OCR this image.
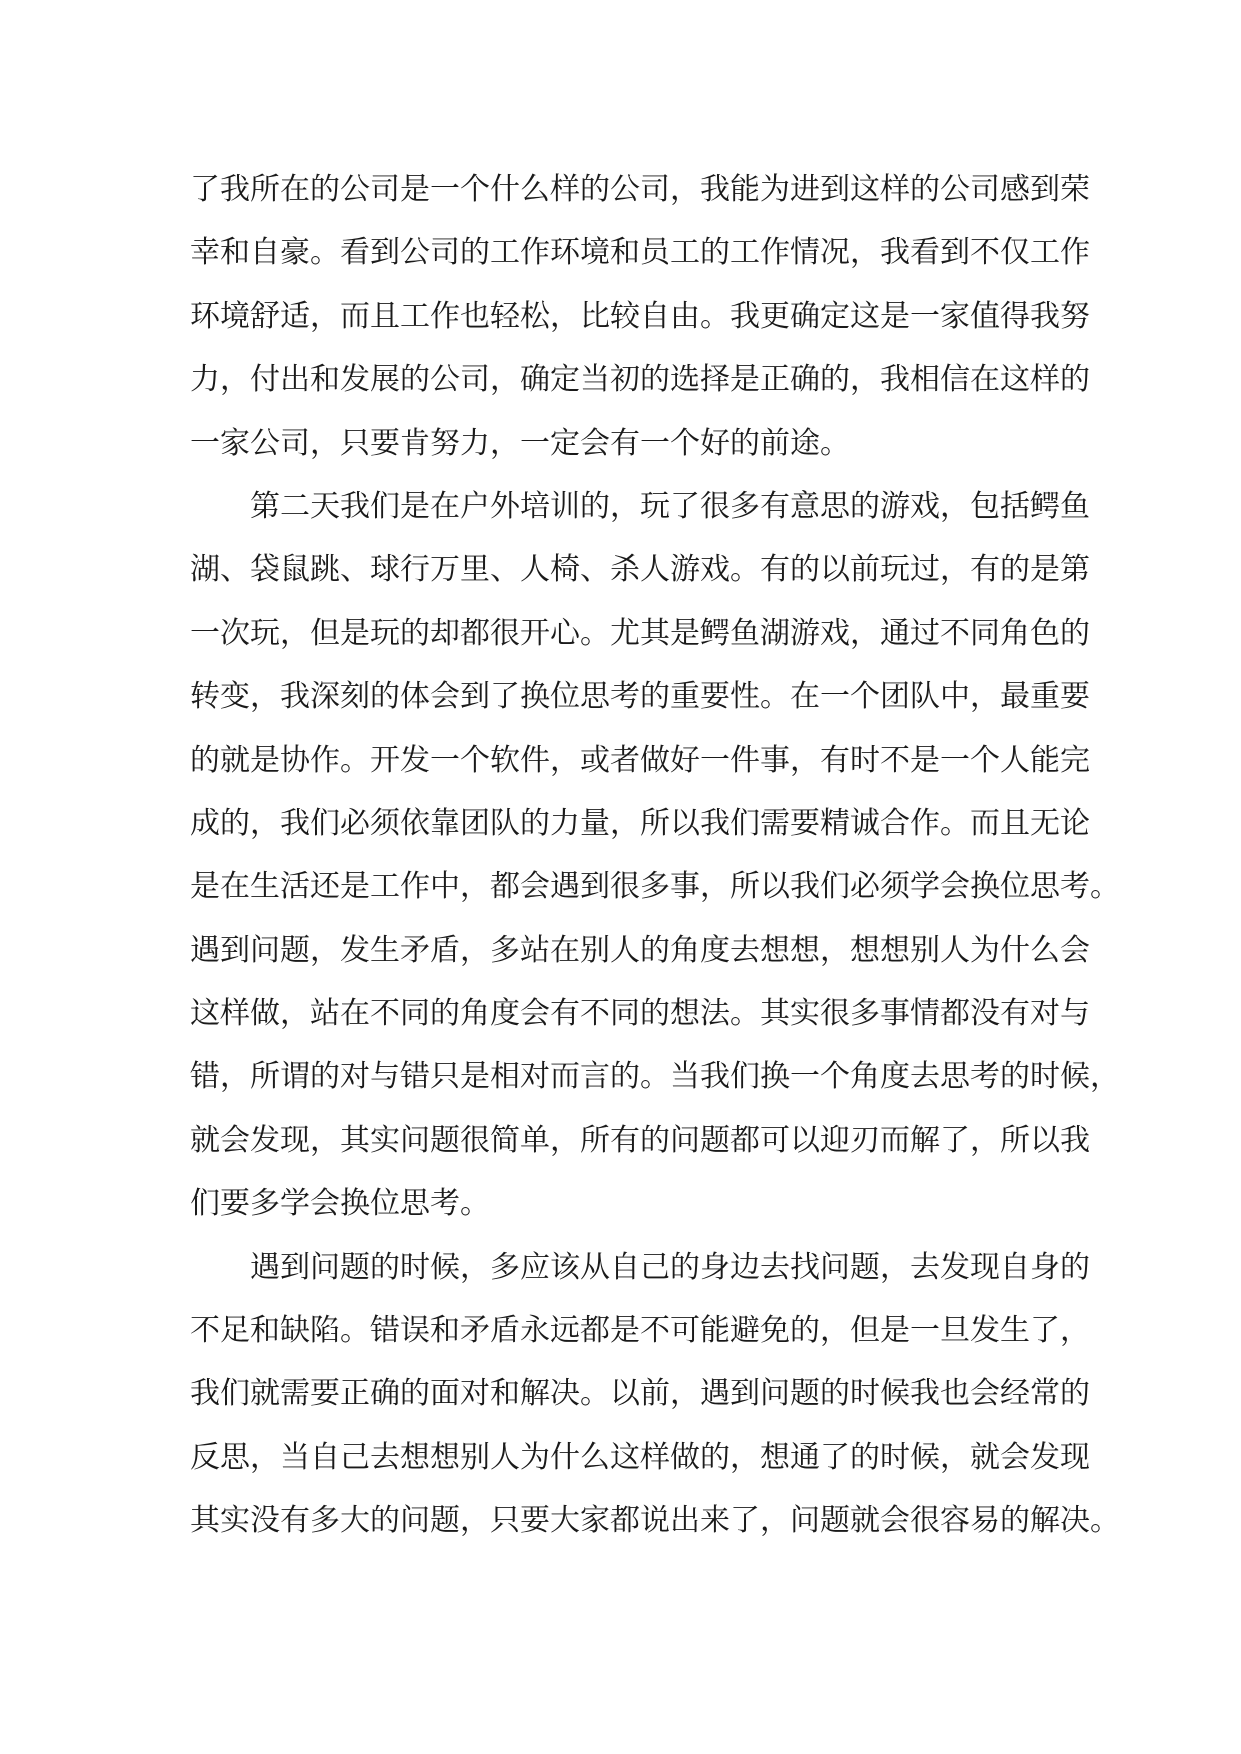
了我所在的公司是一个什么样的公司，我能为进到这样的公司感到荣
幸和自豪。看到公司的工作环境和员工的工作情况，我看到不仅工作
环境舒适，而且工作也轻松，比较自由。我更确定这是一家值得我努
力，付出和发展的公司，确定当初的选择是正确的，我相信在这样的
一家公司，只要肯努力，一定会有一个好的前途。
第二天我们是在户外培训的，玩了很多有意思的游戏，包括鳄鱼
湖、袋鼠跳、球行万里、人椅、杀人游戏。有的以前玩过，有的是第
一次玩，但是玩的却都很开心。尤其是鳄鱼湖游戏，通过不同角色的
转变，我深刻的体会到了换位思考的重要性。在一个团队中，最重要
的就是协作。开发一个软件，或者做好一件事，有时不是一个人能完
成的，我们必须依靠团队的力量，所以我们需要精诚合作。而且无论
是在生活还是工作中，都会遇到很多事，所以我们必须学会换位思考。
遇到问题，发生矛盾，多站在别人的角度去想想，想想别人为什么会
这样做，站在不同的角度会有不同的想法。其实很多事情都没有对与
错，所谓的对与错只是相对而言的。当我们换一个角度去思考的时候，
就会发现，其实问题很简单，所有的问题都可以迎刃而解了，所以我
们要多学会换位思考。
遇到问题的时候，多应该从自己的身边去找问题，去发现自身的
不足和缺陷。错误和矛盾永远都是不可能避免的，但是一旦发生了，
我们就需要正确的面对和解决。以前，遇到问题的时候我也会经常的
反思，当自己去想想别人为什么这样做的，想通了的时候，就会发现
其实没有多大的问题，只要大家都说出来了，问题就会很容易的解决。
